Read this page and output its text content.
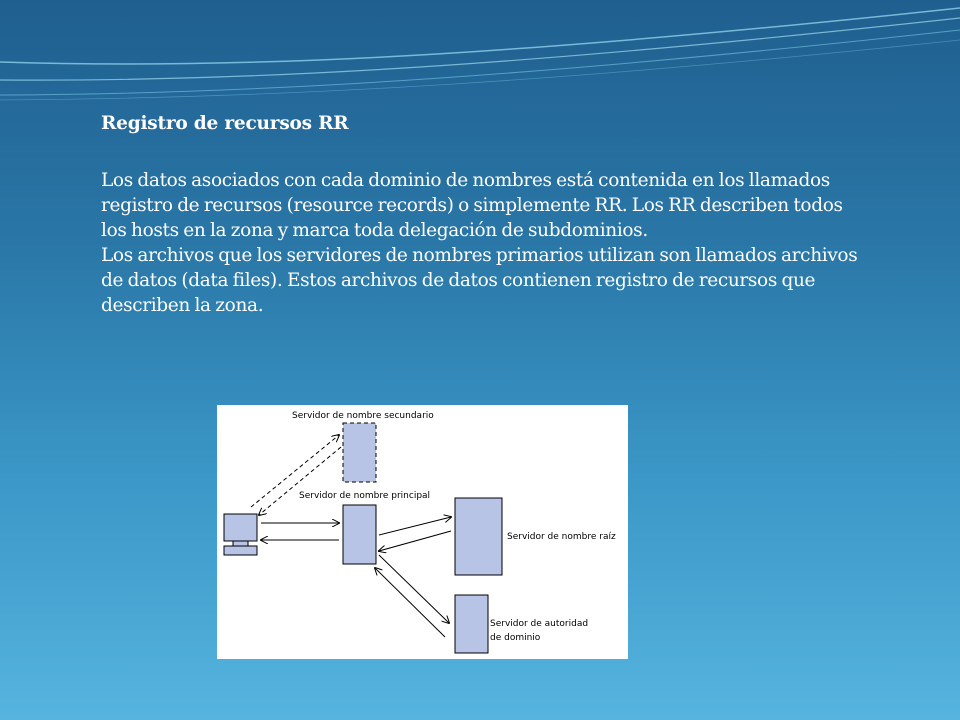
Registro de recursos RR

Los datos asociados con cada dominio de nombres está contenida en los llamados registro de recursos (resource records) o simplemente RR. Los RR describen todos los hosts en la zona y marca toda delegación de subdominios.

Los archivos que los servidores de nombres primarios utilizan son llamados archivos de datos (data files). Estos archivos de datos contienen registro de recursos que describen la zona.

Servidor de nombre secundario
Servidor de nombre principal
Servidor de nombre raíz
Servidor de autoridad
de dominio
